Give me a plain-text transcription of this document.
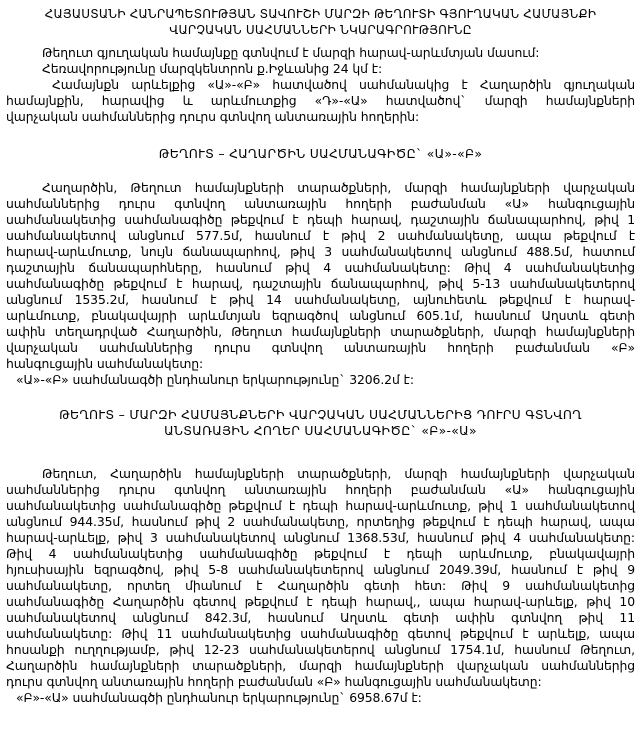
ՀԱՅԱՍՏԱՆԻ ՀԱՆՐԱՊԵՏՈՒԹՅԱՆ ՏԱՎՈՒՇԻ ՄԱՐԶԻ ԹԵՂՈՒՏԻ ԳՅՈՒՂԱԿԱՆ ՀԱՄԱՅՆՔԻ
ՎԱՐՉԱԿԱՆ ՍԱՀՄԱՆՆԵՐԻ ՆԿԱՐԱԳՐՈՒԹՅՈՒՆԸ
Թեղուտ գյուղական համայնքը գտնվում է մարզի հարավ-արևմտյան մասում:
Հեռավորությունը մարզկենտրոն ք.Իջևանից 24 կմ է:
Համայնքն արևելքից «Ա»-«Բ» հատվածով սահմանակից է Հաղարծին գյուղական
համայնքին, հարավից և արևմուտքից «Դ»-«Ա» հատվածով` մարզի համայնքների
վարչական սահմաններից դուրս գտնվող անտառային հողերին:
ԹԵՂՈՒՏ – ՀԱՂԱՐԾԻՆ ՍԱՀՄԱՆԱԳԻԾԸ` «Ա»-«Բ»
Հաղարծին, Թեղուտ համայնքների տարածքների, մարզի համայնքների վարչական
սահմաններից դուրս գտնվող անտառային հողերի բաժանման «Ա» հանգուցային
սահմանակետից սահմանագիծը թեքվում է դեպի հարավ, դաշտային ճանապարհով, թիվ 1
սահմանակետով անցնում 577.5մ, հասնում է թիվ 2 սահմանակետը, ապա թեքվում է
հարավ-արևմուտք, նույն ճանապարհով, թիվ 3 սահմանակետով անցնում 488.5մ, հատում
դաշտային ճանապարհները, հասնում թիվ 4 սահմանակետը: Թիվ 4 սահմանակետից
սահմանագիծը թեքվում է հարավ, դաշտային ճանապարհով, թիվ 5-13 սահմանակետերով
անցնում 1535.2մ, հասնում է թիվ 14 սահմանակետը, այնուհետև թեքվում է հարավ-
արևմուտք, բնակավայրի արևմտյան եզրագծով անցնում 605.1մ, հասնում Աղստև գետի
ափին տեղադրված Հաղարծին, Թեղուտ համայնքների տարածքների, մարզի համայնքների
վարչական սահմաններից դուրս գտնվող անտառային հողերի բաժանման «Բ»
հանգուցային սահմանակետը:
«Ա»-«Բ» սահմանագծի ընդհանուր երկարությունը` 3206.2մ է:
ԹԵՂՈՒՏ – ՄԱՐԶԻ ՀԱՄԱՅՆՔՆԵՐԻ ՎԱՐՉԱԿԱՆ ՍԱՀՄԱՆՆԵՐԻՑ ԴՈՒՐՍ ԳՏՆՎՈՂ
ԱՆՏԱՌԱՅԻՆ ՀՈՂԵՐ ՍԱՀՄԱՆԱԳԻԾԸ` «Բ»-«Ա»
Թեղուտ, Հաղարծին համայնքների տարածքների, մարզի համայնքների վարչական
սահմաններից դուրս գտնվող անտառային հողերի բաժանման «Ա» հանգուցային
սահմանակետից սահմանագիծը թեքվում է դեպի հարավ-արևմուտք, թիվ 1 սահմանակետով
անցնում 944.35մ, հասնում թիվ 2 սահմանակետը, որտեղից թեքվում է դեպի հարավ, ապա
հարավ-արևելք, թիվ 3 սահմանակետով անցնում 1368.53մ, հասնում թիվ 4 սահմանակետը:
Թիվ 4 սահմանակետից սահմանագիծը թեքվում է դեպի արևմուտք, բնակավայրի
հյուսիսային եզրագծով, թիվ 5-8 սահմանակետերով անցնում 2049.39մ, հասնում է թիվ 9
սահմանակետը, որտեղ միանում է Հաղարծին գետի հետ: Թիվ 9 սահմանակետից
սահմանագիծը Հաղարծին գետով թեքվում է դեպի հարավ,, ապա հարավ-արևելք, թիվ 10
սահմանակետով անցնում 842.3մ, հասնում Աղստև գետի ափին գտնվող թիվ 11
սահմանակետը: Թիվ 11 սահմանակետից սահմանագիծը գետով թեքվում է արևելք, ապա
հոսանքի ուղղությամբ, թիվ 12-23 սահմանակետերով անցնում 1754.1մ, հասնում Թեղուտ,
Հաղարծին համայնքների տարածքների, մարզի համայնքների վարչական սահմաններից
դուրս գտնվող անտառային հողերի բաժանման «Բ» հանգուցային սահմանակետը:
«Բ»-«Ա» սահմանագծի ընդհանուր երկարությունը` 6958.67մ է:
